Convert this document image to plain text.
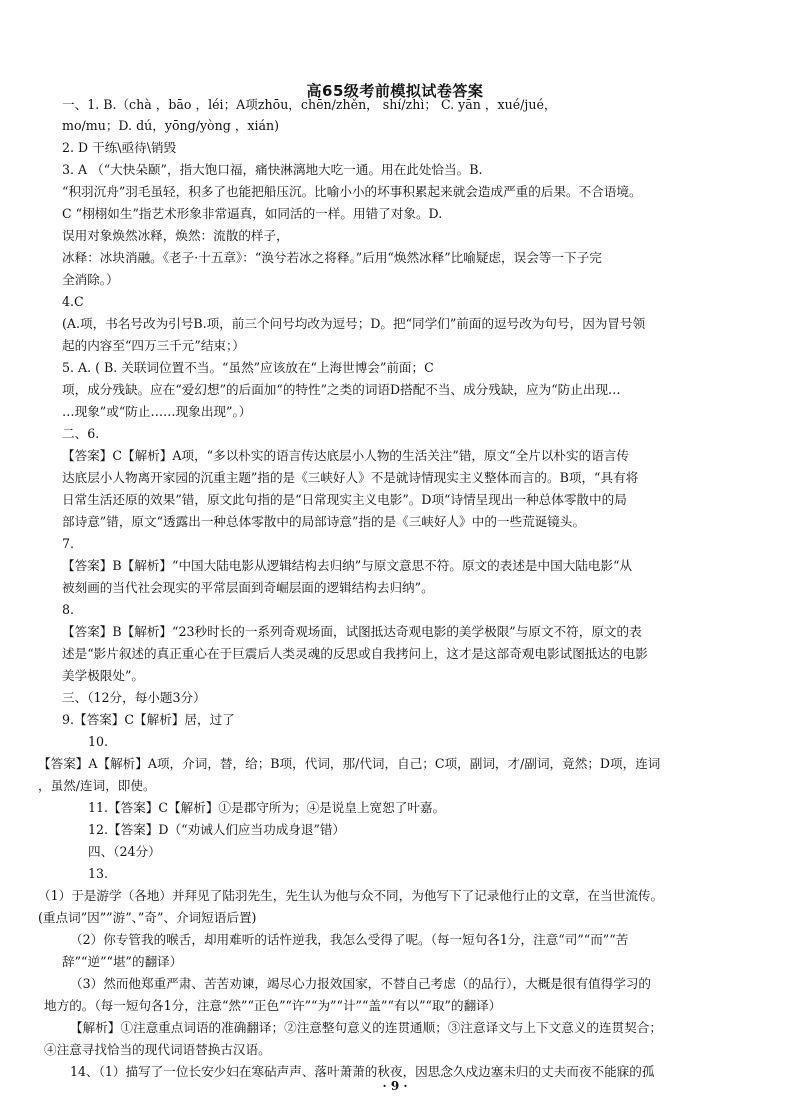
高65级考前模拟试卷答案
一、1. B.（chà ，bāo ，léi；A项zhōu，chēn/zhěn， shí/zhì； C. yān ，xué/jué，
mo/mu；D. dú，yōng/yòng ，xián)
2. D 干练\亟待\销毁
3. A （“大快朵颐”，指大饱口福，痛快淋漓地大吃一通。用在此处恰当。B.
“积羽沉舟”羽毛虽轻，积多了也能把船压沉。比喻小小的坏事积累起来就会造成严重的后果。不合语境。
C “栩栩如生”指艺术形象非常逼真，如同活的一样。用错了对象。D.
误用对象焕然冰释，焕然：流散的样子，
冰释：冰块消融。《老子·十五章》：“涣兮若冰之将释。”后用“焕然冰释”比喻疑虑，误会等一下子完
全消除。）
4.C
(A.项，书名号改为引号B.项，前三个问号均改为逗号；D。把“同学们”前面的逗号改为句号，因为冒号领
起的内容至“四万三千元”结束；）
5. A. ( B. 关联词位置不当。“虽然”应该放在“上海世博会”前面；C
项，成分残缺。应在“爱幻想”的后面加“的特性”之类的词语D搭配不当、成分残缺，应为“防止出现…
…现象”或“防止……现象出现”。）
二、6.
【答案】C【解析】A项，“多以朴实的语言传达底层小人物的生活关注”错，原文“全片以朴实的语言传
达底层小人物离开家园的沉重主题”指的是《三峡好人》不是就诗情现实主义整体而言的。B项，“具有将
日常生活还原的效果”错，原文此句指的是“日常现实主义电影”。D项“诗情呈现出一种总体零散中的局
部诗意”错，原文“透露出一种总体零散中的局部诗意”指的是《三峡好人》中的一些荒诞镜头。
7.
【答案】B【解析】“中国大陆电影从逻辑结构去归纳”与原文意思不符。原文的表述是中国大陆电影“从
被刻画的当代社会现实的平常层面到奇崛层面的逻辑结构去归纳”。
8.
【答案】B【解析】“23秒时长的一系列奇观场面，试图抵达奇观电影的美学极限”与原文不符，原文的表
述是“影片叙述的真正重心在于巨震后人类灵魂的反思或自我拷问上，这才是这部奇观电影试图抵达的电影
美学极限处”。
三、（12分，每小题3分）
9.【答案】C【解析】居，过了
10.
【答案】A【解析】A项，介词，替，给；B项，代词，那/代词，自己；C项，副词，才/副词，竟然；D项，连词
，虽然/连词，即使。
11.【答案】C【解析】①是郡守所为；④是说皇上宽恕了叶嘉。
12.【答案】D（“劝诫人们应当功成身退”错）
四、（24分）
13.
（1）于是游学（各地）并拜见了陆羽先生，先生认为他与众不同，为他写下了记录他行止的文章，在当世流传。
(重点词”因””游”、”奇”、介词短语后置)
（2）你专管我的喉舌，却用难听的话忤逆我，我怎么受得了呢。（每一短句各1分，注意“司”“而”“苦
辞”“逆”“堪”的翻译）
（3）然而他郑重严肃、苦苦劝谏，竭尽心力报效国家，不替自己考虑（的品行），大概是很有值得学习的
地方的。（每一短句各1分，注意“然”“正色”“许”“为”“计”“盖”“有以”“取”的翻译）
【解析】①注意重点词语的准确翻译；②注意整句意义的连贯通顺；③注意译文与上下文意义的连贯契合；
④注意寻找恰当的现代词语替换古汉语。
14、（1）描写了一位长安少妇在寒砧声声、落叶萧萧的秋夜，因思念久戍边塞未归的丈夫而夜不能寐的孤
· 9 ·
